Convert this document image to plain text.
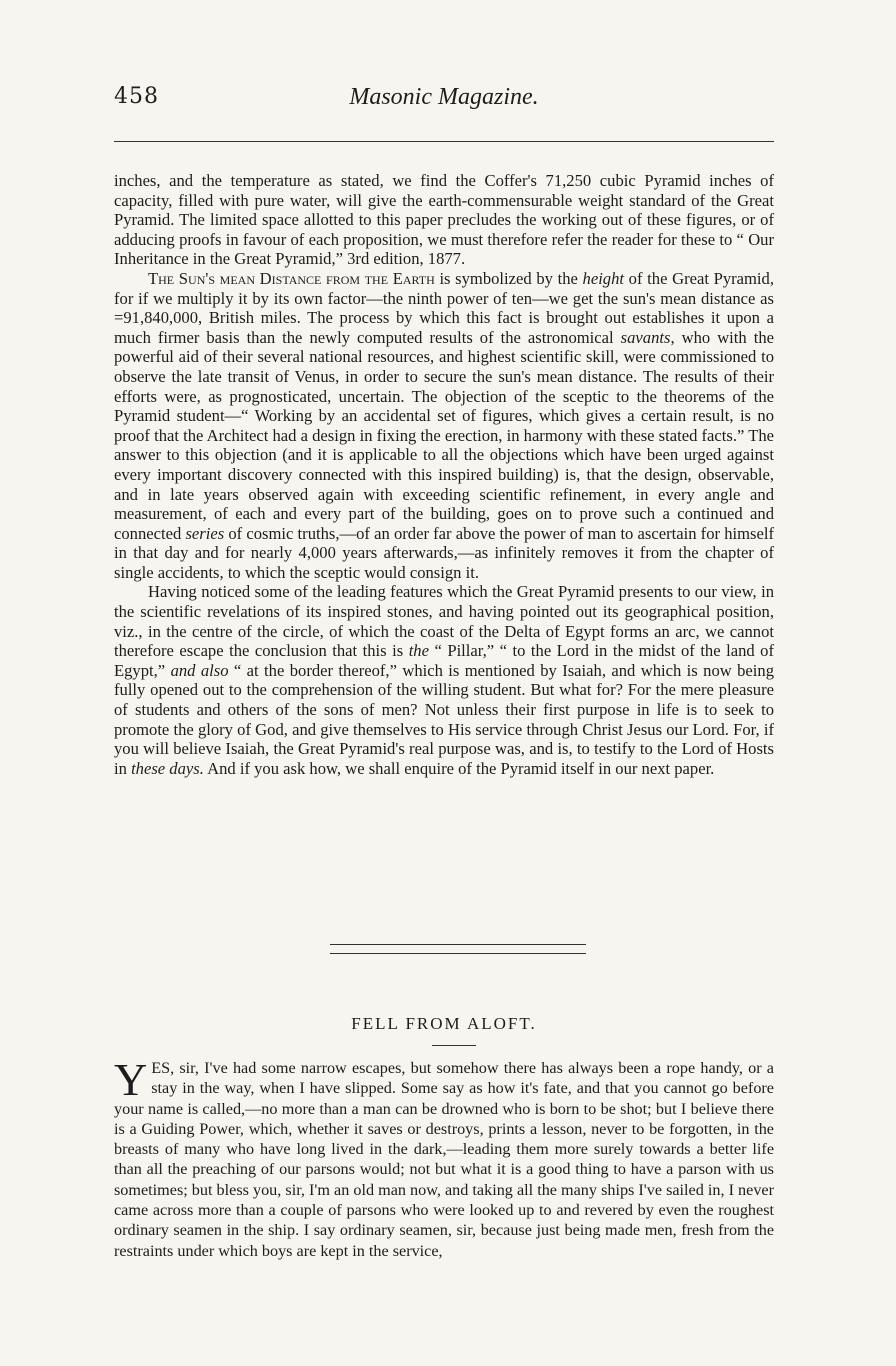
458	Masonic Magazine.

inches, and the temperature as stated, we find the Coffer's 71,250 cubic Pyramid inches of capacity, filled with pure water, will give the earth-commensurable weight standard of the Great Pyramid. The limited space allotted to this paper precludes the working out of these figures, or of adducing proofs in favour of each proposition, we must therefore refer the reader for these to “ Our Inheritance in the Great Pyramid,” 3rd edition, 1877.

The Sun's mean Distance from the Earth is symbolized by the height of the Great Pyramid, for if we multiply it by its own factor—the ninth power of ten—we get the sun's mean distance as =91,840,000, British miles. The process by which this fact is brought out establishes it upon a much firmer basis than the newly computed results of the astronomical savants, who with the powerful aid of their several national resources, and highest scientific skill, were commissioned to observe the late transit of Venus, in order to secure the sun's mean distance. The results of their efforts were, as prognosticated, uncertain. The objection of the sceptic to the theorems of the Pyramid student—“ Working by an accidental set of figures, which gives a certain result, is no proof that the Architect had a design in fixing the erection, in harmony with these stated facts.” The answer to this objection (and it is applicable to all the objections which have been urged against every important discovery connected with this inspired building) is, that the design, observable, and in late years observed again with exceeding scientific refinement, in every angle and measurement, of each and every part of the building, goes on to prove such a continued and connected series of cosmic truths,—of an order far above the power of man to ascertain for himself in that day and for nearly 4,000 years afterwards,—as infinitely removes it from the chapter of single accidents, to which the sceptic would consign it.

Having noticed some of the leading features which the Great Pyramid presents to our view, in the scientific revelations of its inspired stones, and having pointed out its geographical position, viz., in the centre of the circle, of which the coast of the Delta of Egypt forms an arc, we cannot therefore escape the conclusion that this is the “ Pillar,” “ to the Lord in the midst of the land of Egypt,” and also “ at the border thereof,” which is mentioned by Isaiah, and which is now being fully opened out to the comprehension of the willing student. But what for? For the mere pleasure of students and others of the sons of men? Not unless their first purpose in life is to seek to promote the glory of God, and give themselves to His service through Christ Jesus our Lord. For, if you will believe Isaiah, the Great Pyramid's real purpose was, and is, to testify to the Lord of Hosts in these days. And if you ask how, we shall enquire of the Pyramid itself in our next paper.

FELL FROM ALOFT.

YES, sir, I've had some narrow escapes, but somehow there has always been a rope handy, or a stay in the way, when I have slipped. Some say as how it's fate, and that you cannot go before your name is called,—no more than a man can be drowned who is born to be shot; but I believe there is a Guiding Power, which, whether it saves or destroys, prints a lesson, never to be forgotten, in the breasts of many who have long lived in the dark,—leading them more surely towards a better life than all the preaching of our parsons would; not but what it is a good thing to have a parson with us sometimes; but bless you, sir, I'm an old man now, and taking all the many ships I've sailed in, I never came across more than a couple of parsons who were looked up to and revered by even the roughest ordinary seamen in the ship. I say ordinary seamen, sir, because just being made men, fresh from the restraints under which boys are kept in the service,
